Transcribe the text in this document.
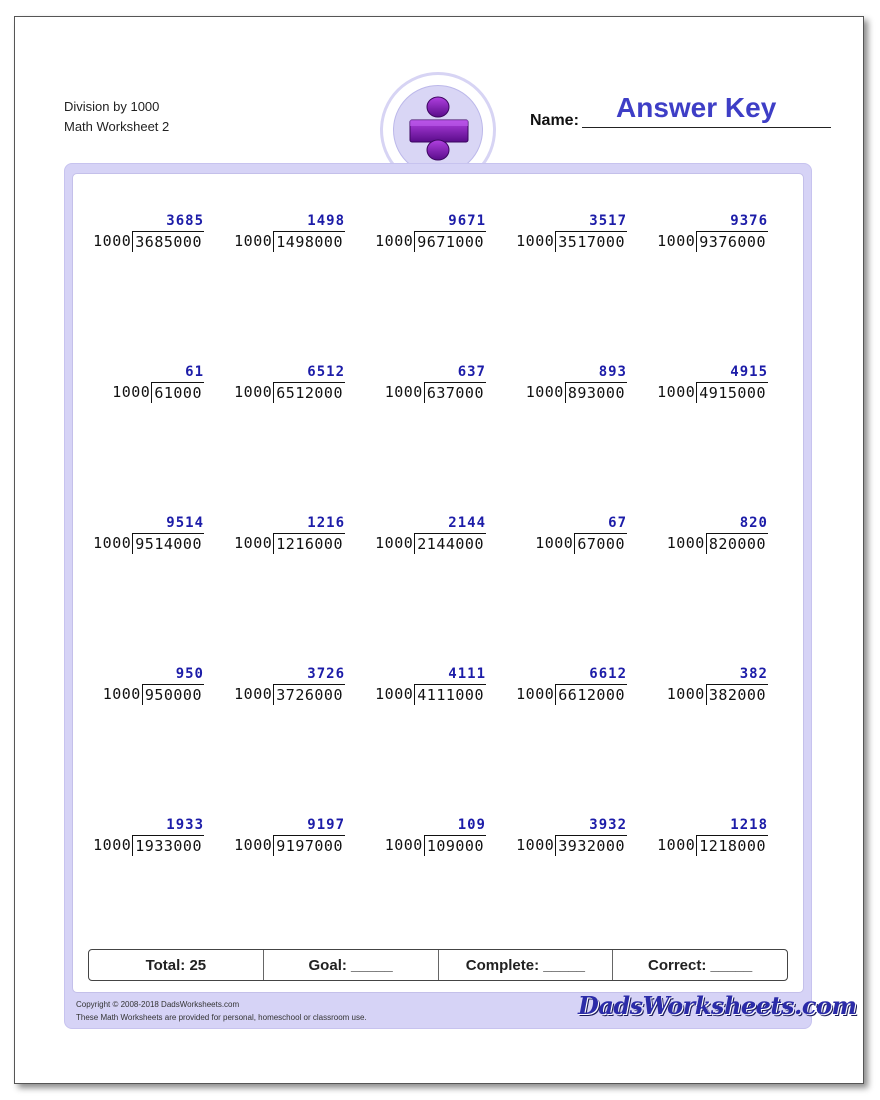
Division by 1000
Math Worksheet 2	Name: Answer Key
3685
1000 3685000
1498
1000 1498000
9671
1000 9671000
3517
1000 3517000
9376
1000 9376000
61
1000 61000
6512
1000 6512000
637
1000 637000
893
1000 893000
4915
1000 4915000
9514
1000 9514000
1216
1000 1216000
2144
1000 2144000
67
1000 67000
820
1000 820000
950
1000 950000
3726
1000 3726000
4111
1000 4111000
6612
1000 6612000
382
1000 382000
1933
1000 1933000
9197
1000 9197000
109
1000 109000
3932
1000 3932000
1218
1000 1218000
Total: 25	Goal: _____	Complete: _____	Correct: _____
Copyright © 2008-2018 DadsWorksheets.com
These Math Worksheets are provided for personal, homeschool or classroom use.	DadsWorksheets.com
